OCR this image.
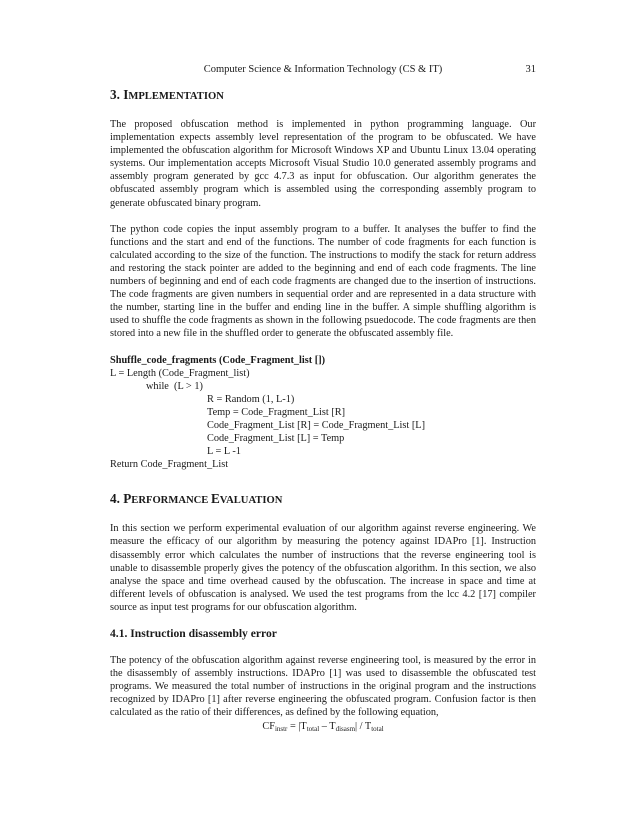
Computer Science & Information Technology (CS & IT)	31
3. IMPLEMENTATION

The proposed obfuscation method is implemented in python programming language. Our implementation expects assembly level representation of the program to be obfuscated. We have implemented the obfuscation algorithm for Microsoft Windows XP and Ubuntu Linux 13.04 operating systems. Our implementation accepts Microsoft Visual Studio 10.0 generated assembly programs and assembly program generated by gcc 4.7.3 as input for obfuscation. Our algorithm generates the obfuscated assembly program which is assembled using the corresponding assembly program to generate obfuscated binary program.

The python code copies the input assembly program to a buffer. It analyses the buffer to find the functions and the start and end of the functions. The number of code fragments for each function is calculated according to the size of the function. The instructions to modify the stack for return address and restoring the stack pointer are added to the beginning and end of each code fragments. The line numbers of beginning and end of each code fragments are changed due to the insertion of instructions. The code fragments are given numbers in sequential order and are represented in a data structure with the number, starting line in the buffer and ending line in the buffer. A simple shuffling algorithm is used to shuffle the code fragments as shown in the following psuedocode. The code fragments are then stored into a new file in the shuffled order to generate the obfuscated assembly file.

Shuffle_code_fragments (Code_Fragment_list [])
L = Length (Code_Fragment_list)
while  (L > 1)
R = Random (1, L-1)
Temp = Code_Fragment_List [R]
Code_Fragment_List [R] = Code_Fragment_List [L]
Code_Fragment_List [L] = Temp
L = L -1
Return Code_Fragment_List
4. PERFORMANCE EVALUATION

In this section we perform experimental evaluation of our algorithm against reverse engineering. We measure the efficacy of our algorithm by measuring the potency against IDAPro [1]. Instruction disassembly error which calculates the number of instructions that the reverse engineering tool is unable to disassemble properly gives the potency of the obfuscation algorithm. In this section, we also analyse the space and time overhead caused by the obfuscation. The increase in space and time at different levels of obfuscation is analysed. We used the test programs from the lcc 4.2 [17] compiler source as input test programs for our obfuscation algorithm.

4.1. Instruction disassembly error

The potency of the obfuscation algorithm against reverse engineering tool, is measured by the error in the disassembly of assembly instructions. IDAPro [1] was used to disassemble the obfuscated test programs. We measured the total number of instructions in the original program and the instructions recognized by IDAPro [1] after reverse engineering the obfuscated program. Confusion factor is then calculated as the ratio of their differences, as defined by the following equation,

$CF_{instr} = |T_{total} - T_{disasm}| / T_{total}$
